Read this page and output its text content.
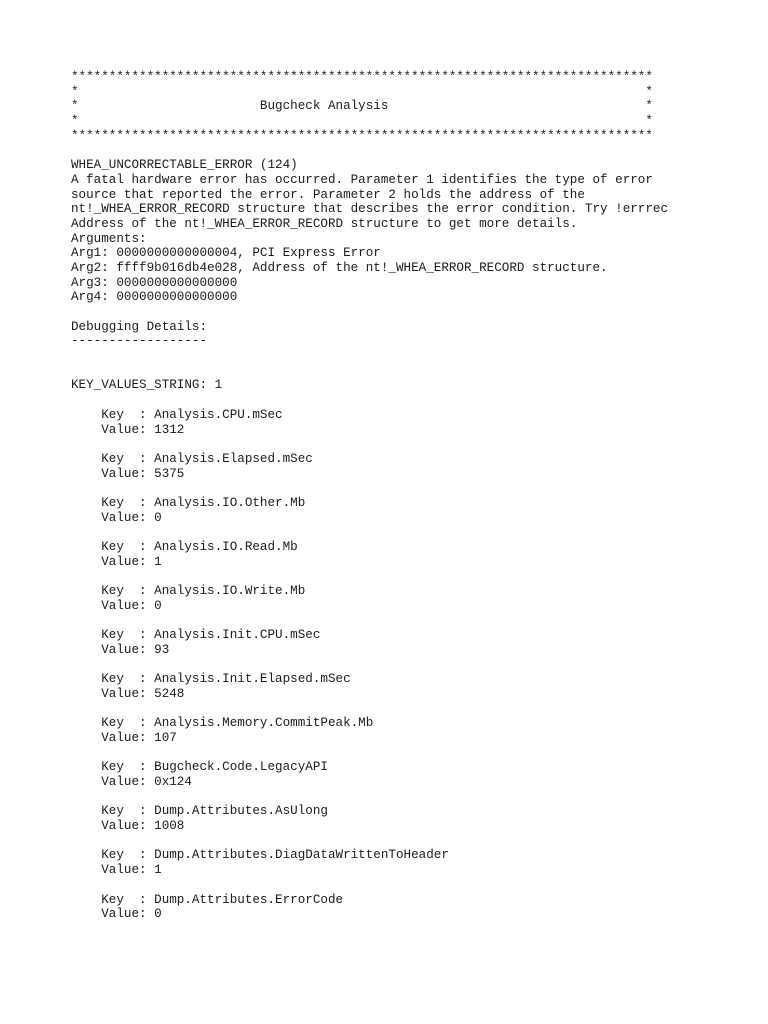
*****************************************************************************
*                                                                           *
*                        Bugcheck Analysis                                  *
*                                                                           *
*****************************************************************************
WHEA_UNCORRECTABLE_ERROR (124)
A fatal hardware error has occurred. Parameter 1 identifies the type of error
source that reported the error. Parameter 2 holds the address of the
nt!_WHEA_ERROR_RECORD structure that describes the error condition. Try !errrec
Address of the nt!_WHEA_ERROR_RECORD structure to get more details.
Arguments:
Arg1: 0000000000000004, PCI Express Error
Arg2: ffff9b016db4e028, Address of the nt!_WHEA_ERROR_RECORD structure.
Arg3: 0000000000000000
Arg4: 0000000000000000
Debugging Details:
------------------
KEY_VALUES_STRING: 1
Key  : Analysis.CPU.mSec
Value: 1312
Key  : Analysis.Elapsed.mSec
Value: 5375
Key  : Analysis.IO.Other.Mb
Value: 0
Key  : Analysis.IO.Read.Mb
Value: 1
Key  : Analysis.IO.Write.Mb
Value: 0
Key  : Analysis.Init.CPU.mSec
Value: 93
Key  : Analysis.Init.Elapsed.mSec
Value: 5248
Key  : Analysis.Memory.CommitPeak.Mb
Value: 107
Key  : Bugcheck.Code.LegacyAPI
Value: 0x124
Key  : Dump.Attributes.AsUlong
Value: 1008
Key  : Dump.Attributes.DiagDataWrittenToHeader
Value: 1
Key  : Dump.Attributes.ErrorCode
Value: 0
